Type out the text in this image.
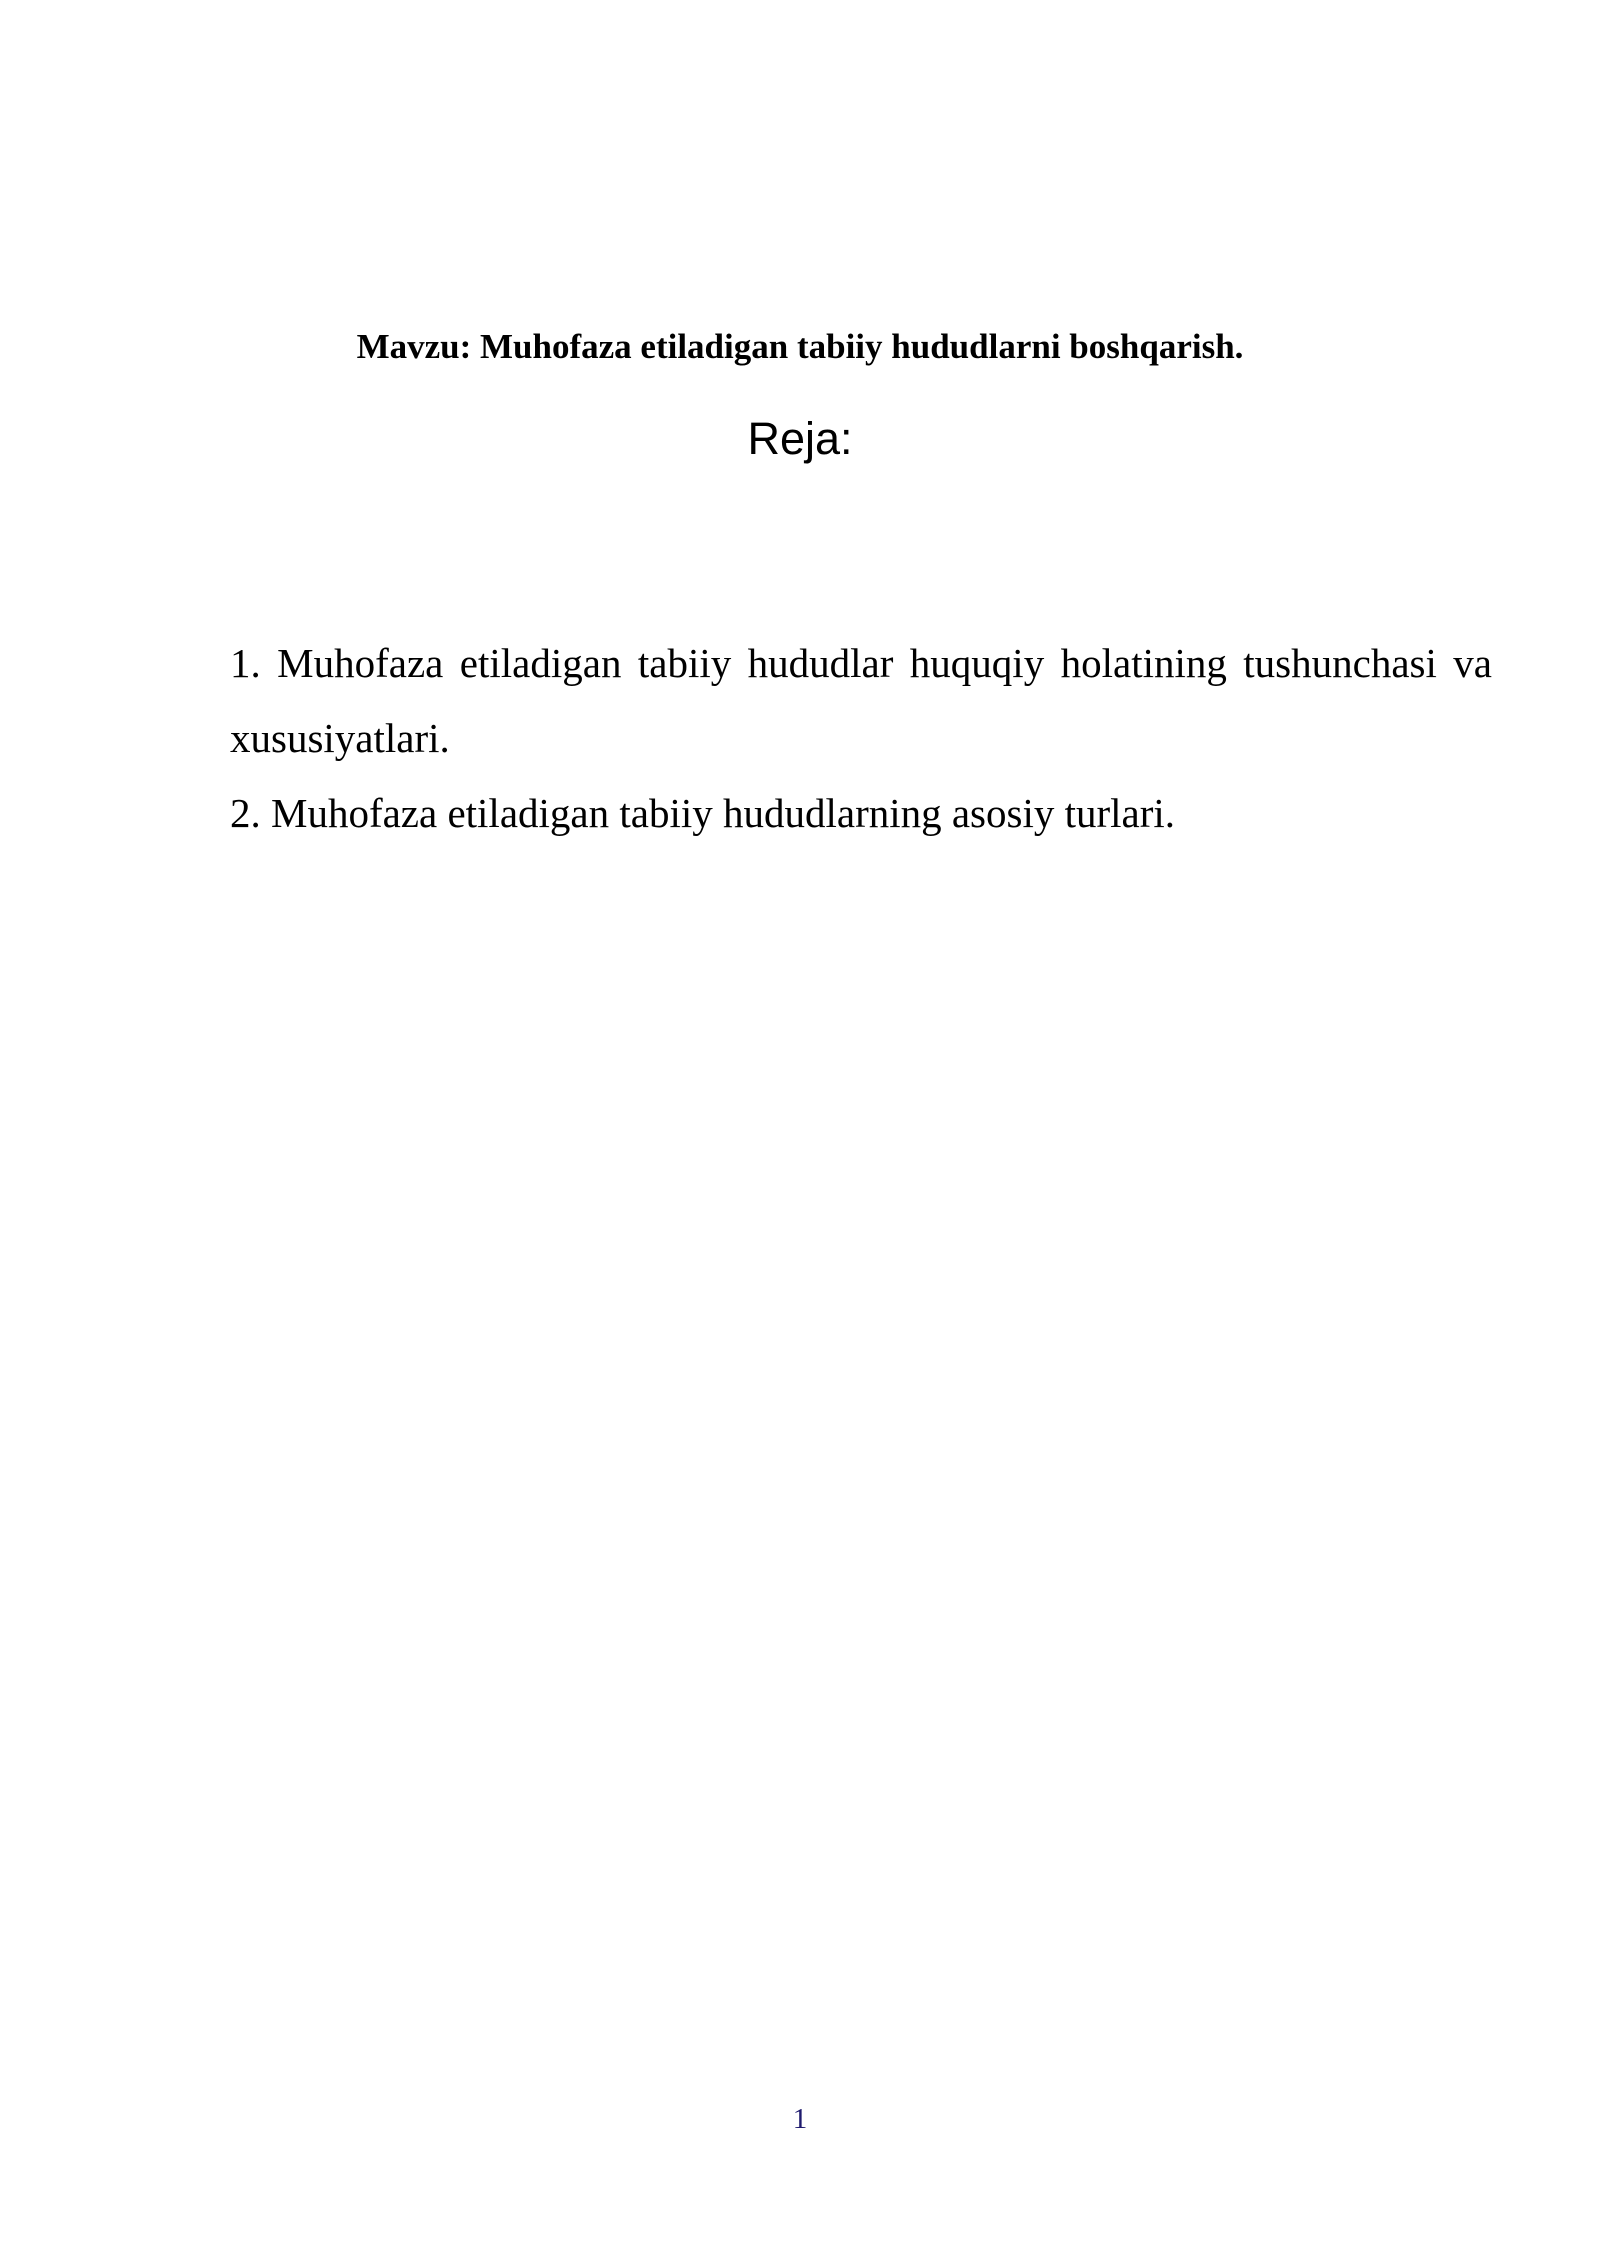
Mavzu: Muhofaza etiladigan tabiiy hududlarni boshqarish.
Reja:
1. Muhofaza etiladigan tabiiy hududlar huquqiy holatining tushunchasi va xususiyatlari.
2. Muhofaza etiladigan tabiiy hududlarning asosiy turlari.
1
